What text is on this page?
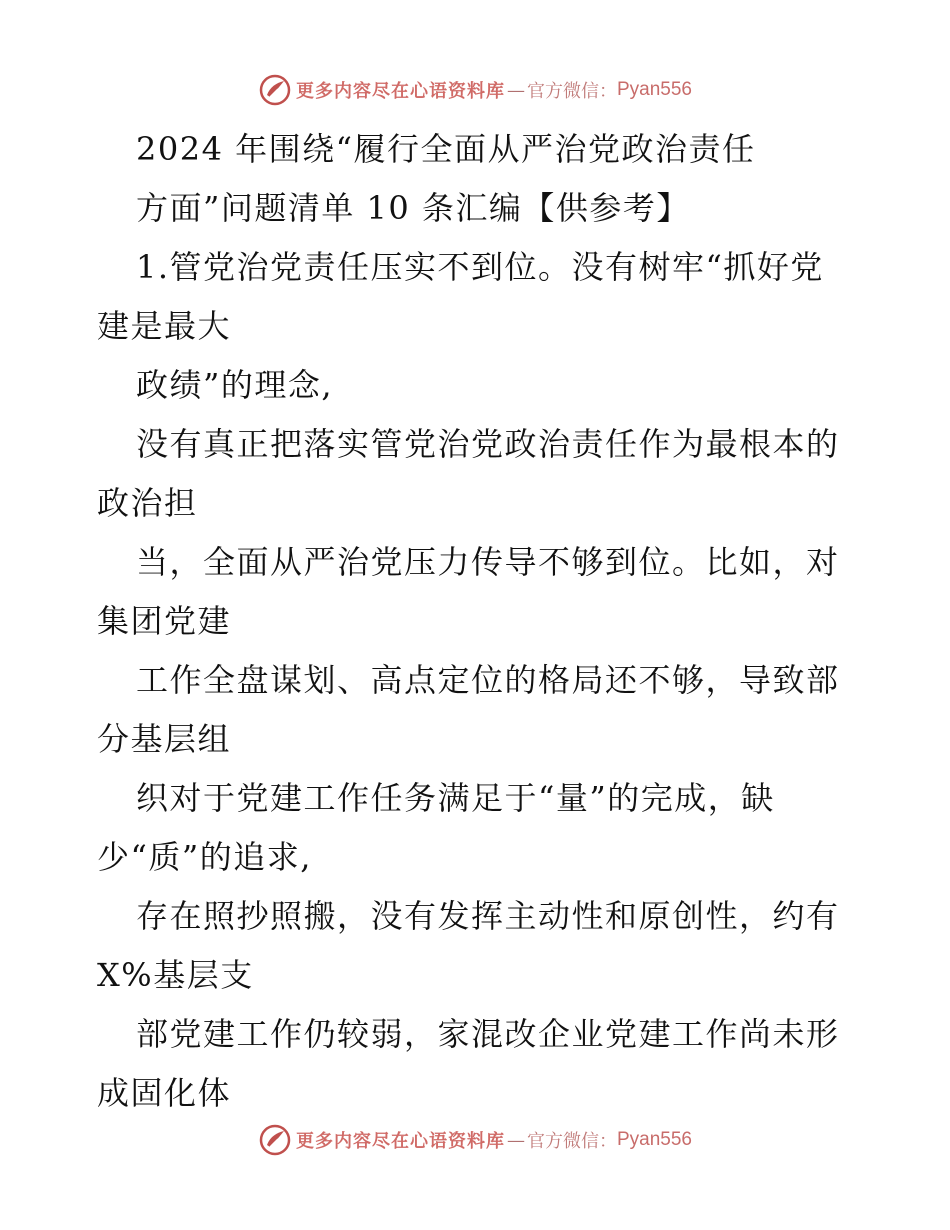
更多内容尽在心语资料库 — 官方微信： Pyan556
2024 年围绕“履行全面从严治党政治责任
方面”问题清单 10 条汇编【供参考】
1.管党治党责任压实不到位。没有树牢“抓好党
建是最大
政绩”的理念,
没有真正把落实管党治党政治责任作为最根本的
政治担
当，全面从严治党压力传导不够到位。比如，对
集团党建
工作全盘谋划、高点定位的格局还不够，导致部
分基层组
织对于党建工作任务满足于“量”的完成，缺
少“质”的追求,
存在照抄照搬，没有发挥主动性和原创性，约有
X%基层支
部党建工作仍较弱，家混改企业党建工作尚未形
成固化体
更多内容尽在心语资料库 — 官方微信： Pyan556
